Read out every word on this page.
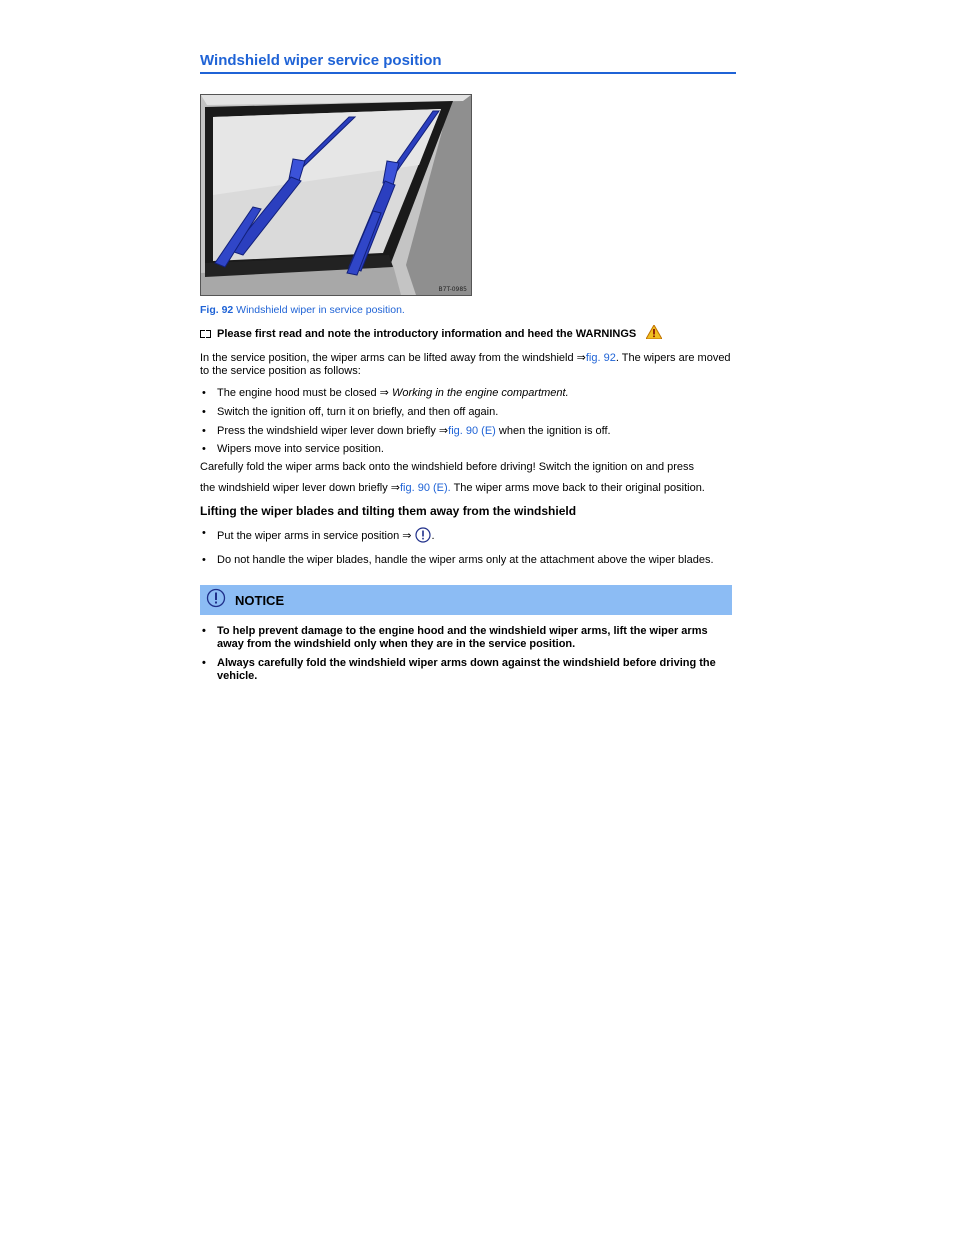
Windshield wiper service position
B7T-0985
Fig. 92 Windshield wiper in service position.
Please first read and note the introductory information and heed the WARNINGS

In the service position, the wiper arms can be lifted away from the windshield ⇒fig. 92. The wipers are moved to the service position as follows:

• The engine hood must be closed ⇒ Working in the engine compartment.
• Switch the ignition off, turn it on briefly, and then off again.
• Press the windshield wiper lever down briefly ⇒fig. 90 (E) when the ignition is off.
• Wipers move into service position.

Carefully fold the wiper arms back onto the windshield before driving! Switch the ignition on and press

the windshield wiper lever down briefly ⇒fig. 90 (E). The wiper arms move back to their original position.

Lifting the wiper blades and tilting them away from the windshield
• Put the wiper arms in service position ⇒ .
• Do not handle the wiper blades, handle the wiper arms only at the attachment above the wiper blades.
NOTICE
• To help prevent damage to the engine hood and the windshield wiper arms, lift the wiper arms away from the windshield only when they are in the service position.
• Always carefully fold the windshield wiper arms down against the windshield before driving the vehicle.
